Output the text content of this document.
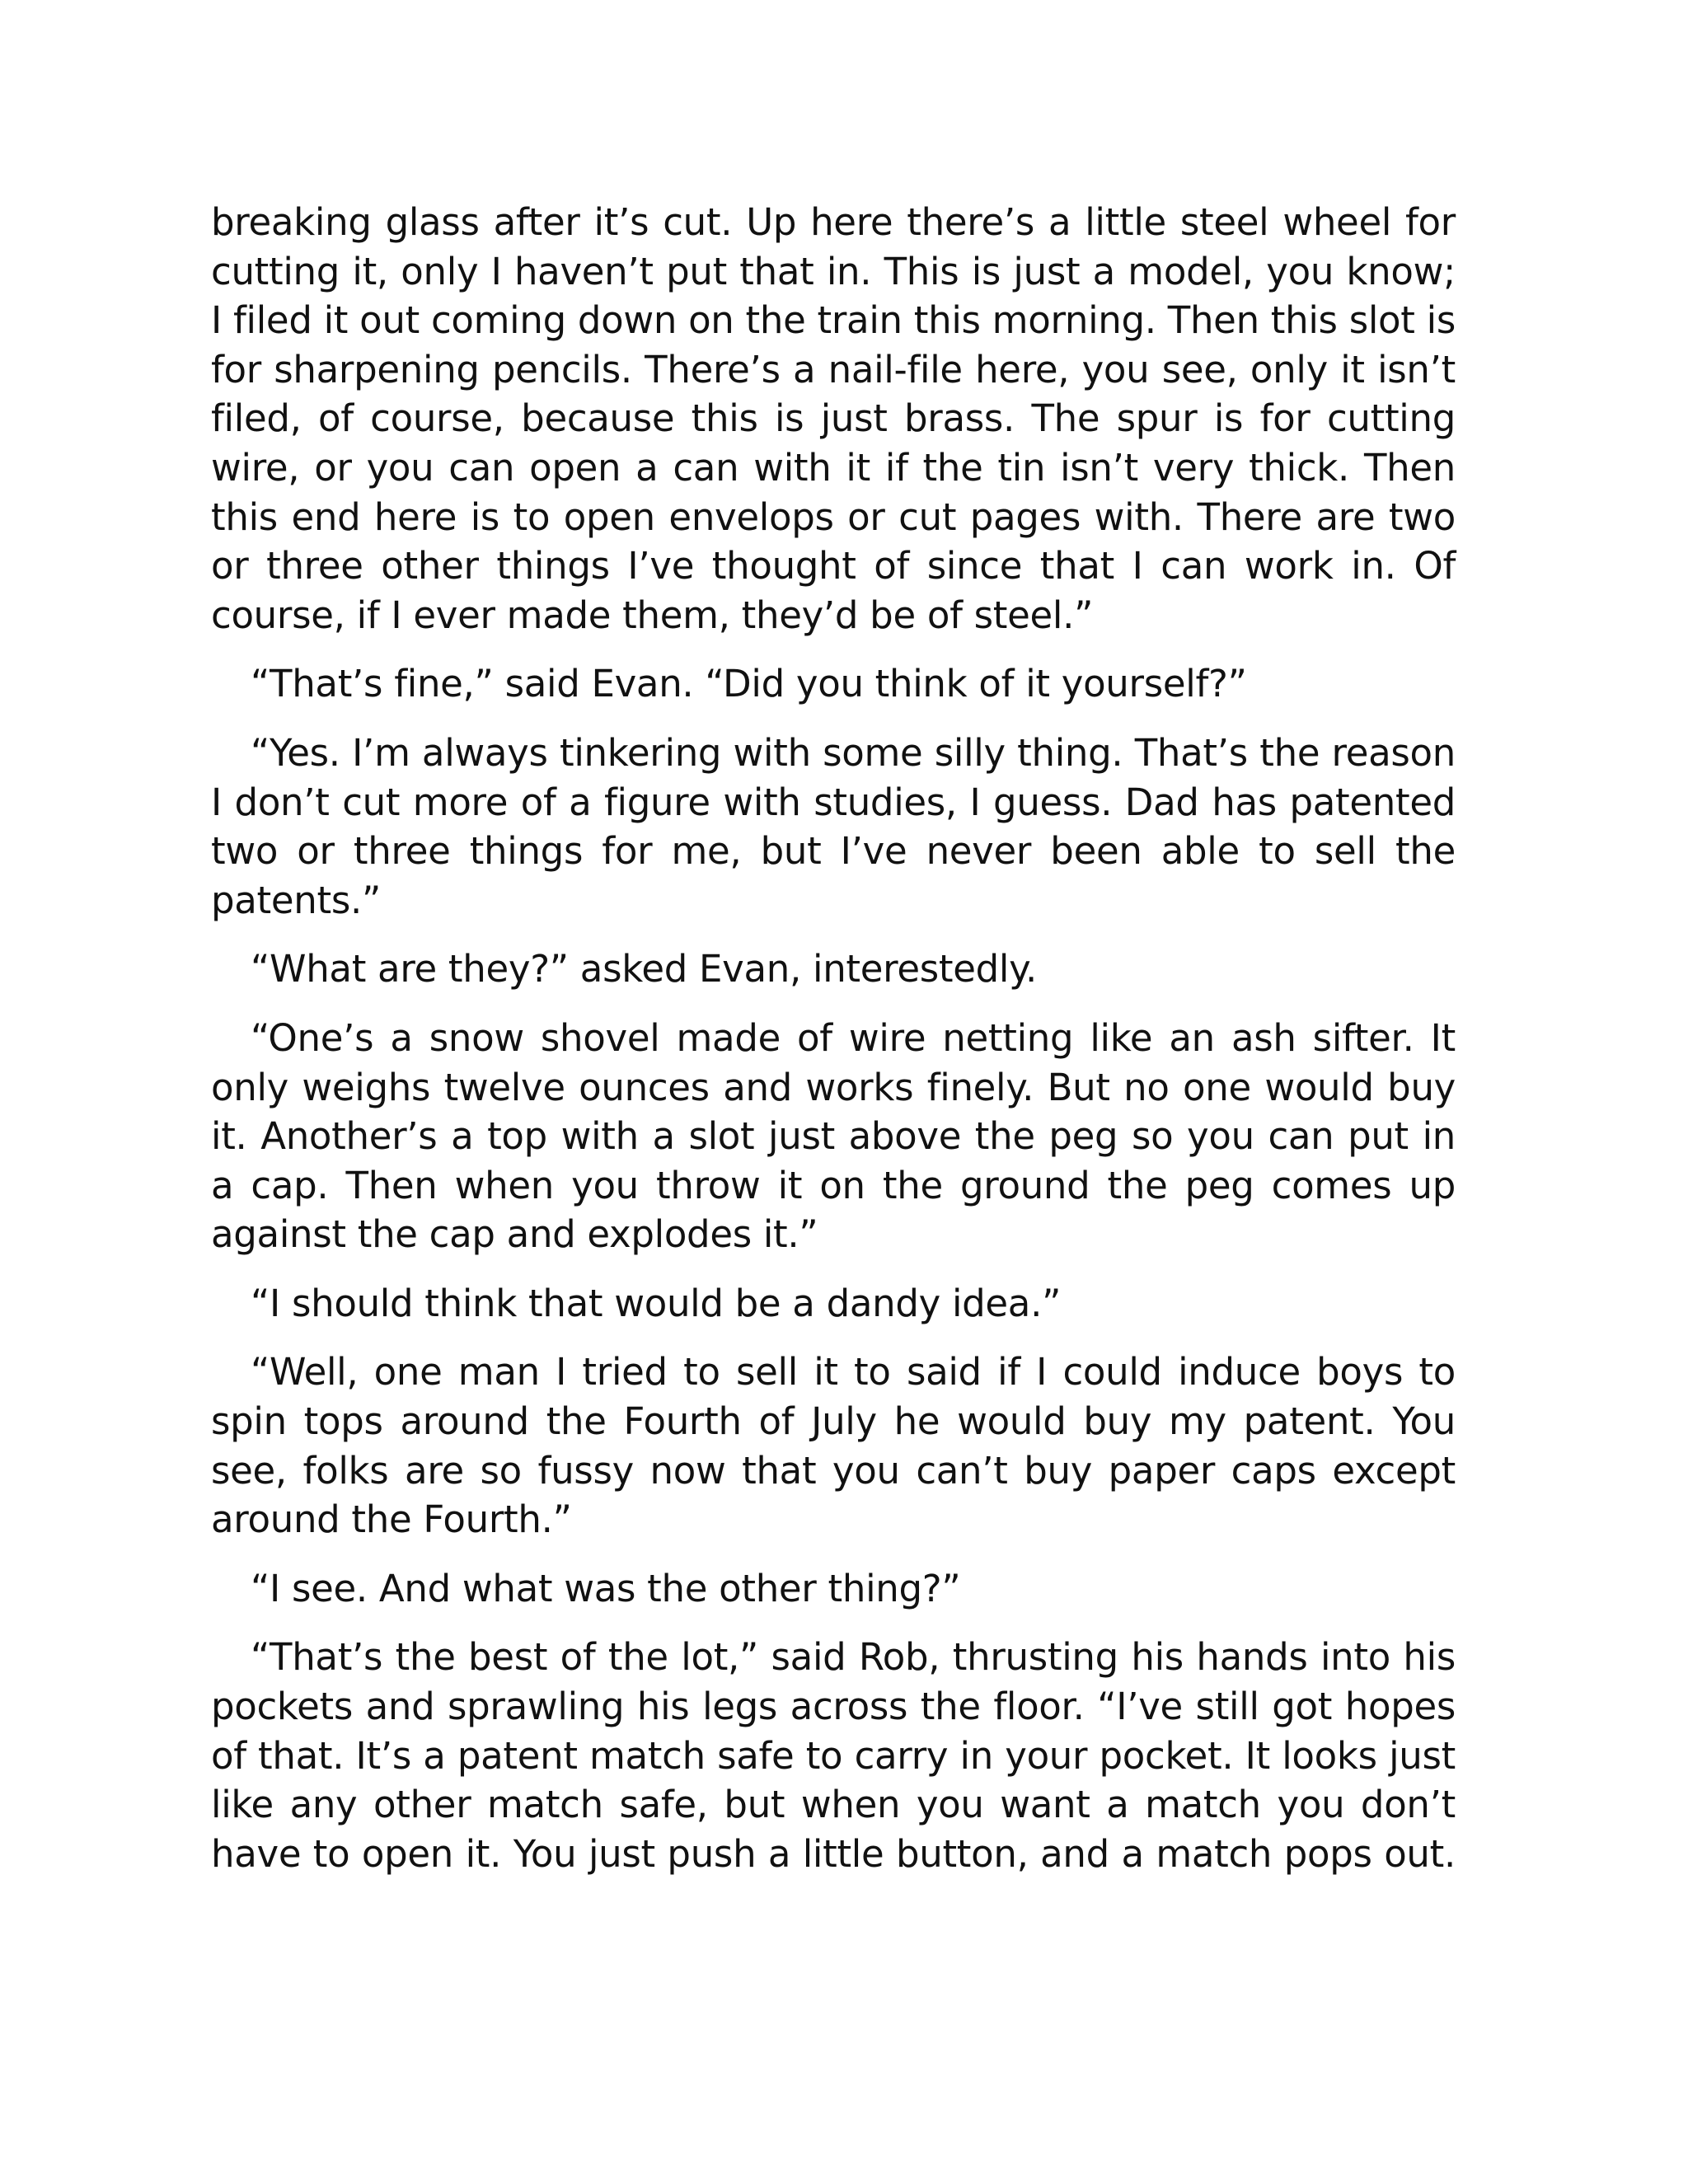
breaking glass after it’s cut. Up here there’s a little steel wheel for cutting it, only I haven’t put that in. This is just a model, you know; I filed it out coming down on the train this morning. Then this slot is for sharpening pencils. There’s a nail-file here, you see, only it isn’t filed, of course, because this is just brass. The spur is for cutting wire, or you can open a can with it if the tin isn’t very thick. Then this end here is to open envelops or cut pages with. There are two or three other things I’ve thought of since that I can work in. Of course, if I ever made them, they’d be of steel.”

“That’s fine,” said Evan. “Did you think of it yourself?”

“Yes. I’m always tinkering with some silly thing. That’s the reason I don’t cut more of a figure with studies, I guess. Dad has patented two or three things for me, but I’ve never been able to sell the patents.”

“What are they?” asked Evan, interestedly.

“One’s a snow shovel made of wire netting like an ash sifter. It only weighs twelve ounces and works finely. But no one would buy it. Another’s a top with a slot just above the peg so you can put in a cap. Then when you throw it on the ground the peg comes up against the cap and explodes it.”

“I should think that would be a dandy idea.”

“Well, one man I tried to sell it to said if I could induce boys to spin tops around the Fourth of July he would buy my patent. You see, folks are so fussy now that you can’t buy paper caps except around the Fourth.”

“I see. And what was the other thing?”

“That’s the best of the lot,” said Rob, thrusting his hands into his pockets and sprawling his legs across the floor. “I’ve still got hopes of that. It’s a patent match safe to carry in your pocket. It looks just like any other match safe, but when you want a match you don’t have to open it. You just push a little button, and a match pops out.
